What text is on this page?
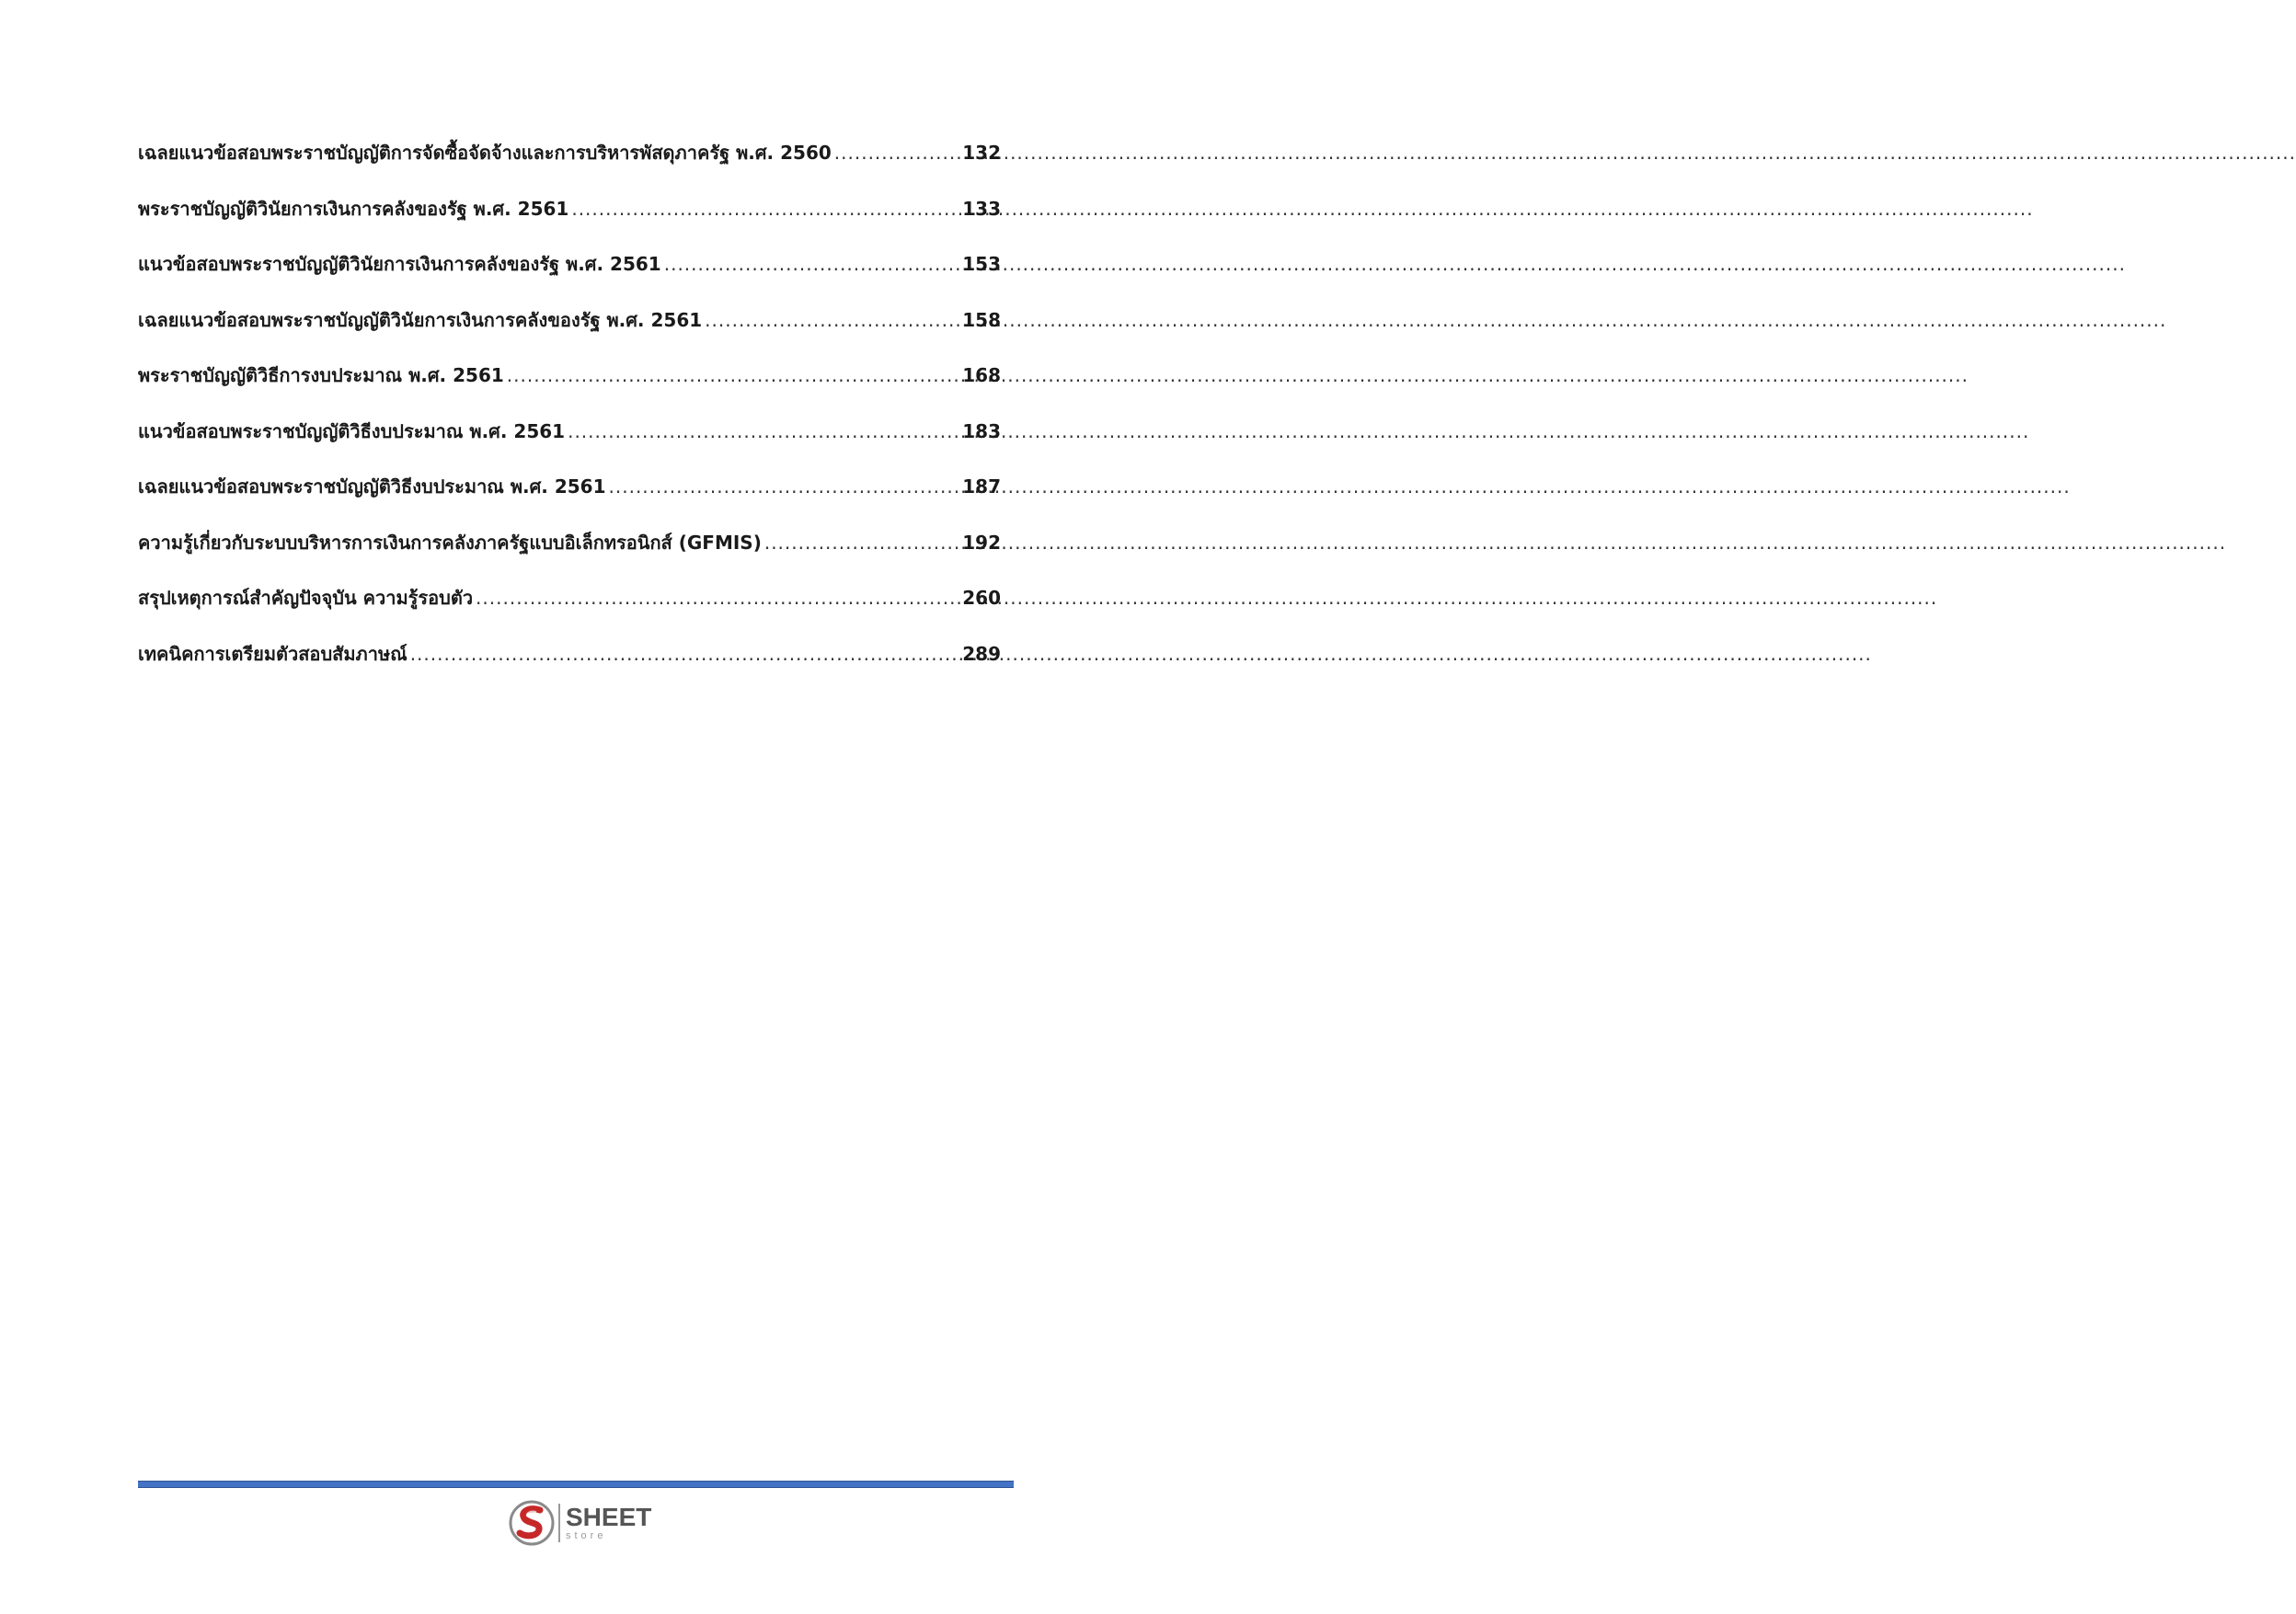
เฉลยแนวข้อสอบพระราชบัญญัติการจัดซื้อจัดจ้างและการบริหารพัสดุภาครัฐ พ.ศ. 2560 .....	132
พระราชบัญญัติวินัยการเงินการคลังของรัฐ พ.ศ. 2561 .....	133
แนวข้อสอบพระราชบัญญัติวินัยการเงินการคลังของรัฐ พ.ศ. 2561 .....	153
เฉลยแนวข้อสอบพระราชบัญญัติวินัยการเงินการคลังของรัฐ พ.ศ. 2561 .....	158
พระราชบัญญัติวิธีการงบประมาณ พ.ศ. 2561 .....	168
แนวข้อสอบพระราชบัญญัติวิธีงบประมาณ พ.ศ. 2561 .....	183
เฉลยแนวข้อสอบพระราชบัญญัติวิธีงบประมาณ พ.ศ. 2561 .....	187
ความรู้เกี่ยวกับระบบบริหารการเงินการคลังภาครัฐแบบอิเล็กทรอนิกส์ (GFMIS) .....	192
สรุปเหตุการณ์สำคัญปัจจุบัน ความรู้รอบตัว .....	260
เทคนิคการเตรียมตัวสอบสัมภาษณ์ .....	289
SHEET
store
